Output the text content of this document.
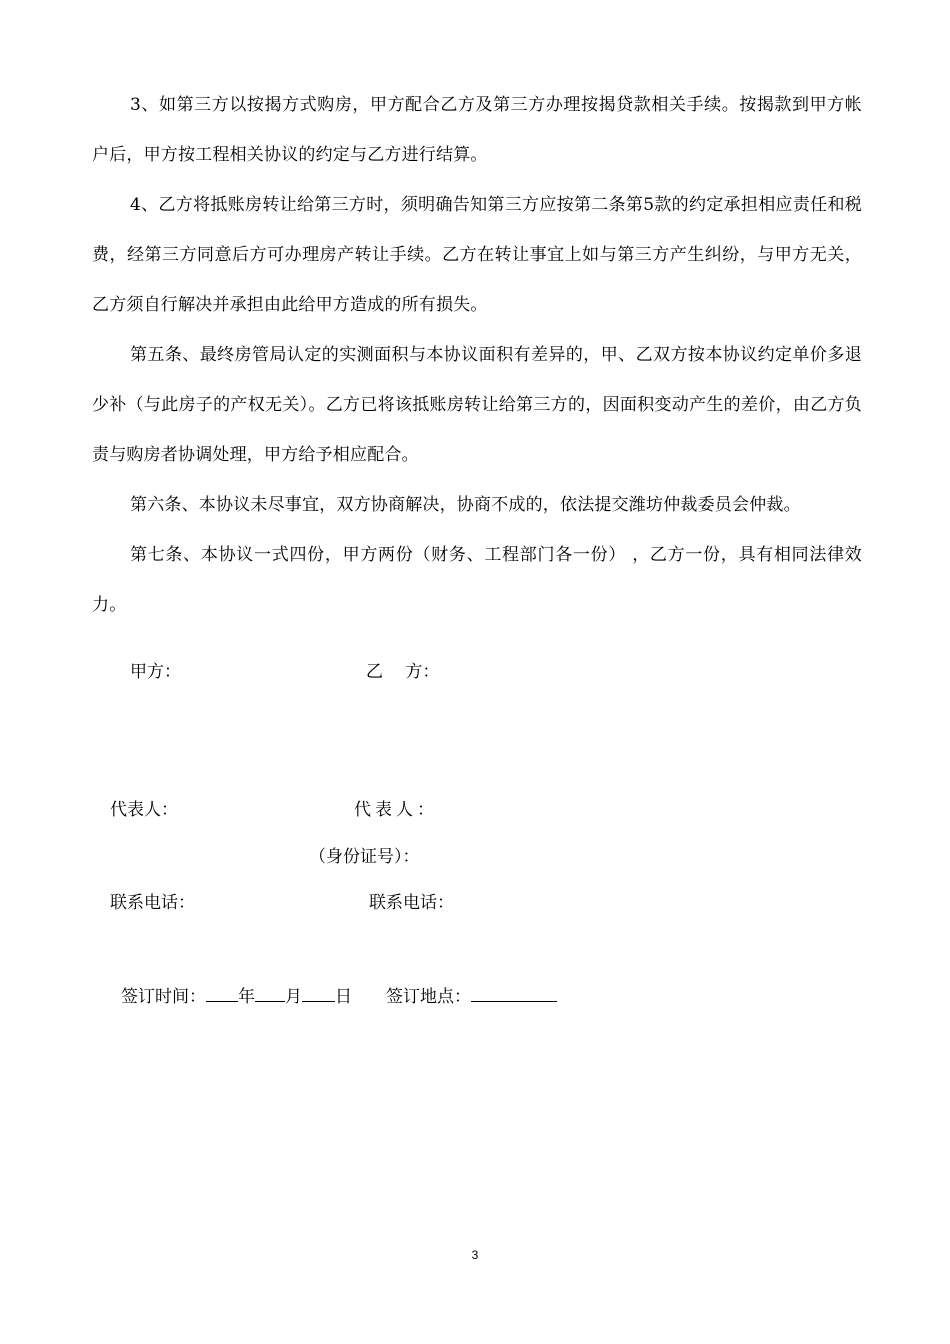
3、如第三方以按揭方式购房，甲方配合乙方及第三方办理按揭贷款相关手续。按揭款到甲方帐户后，甲方按工程相关协议的约定与乙方进行结算。

4、乙方将抵账房转让给第三方时，须明确告知第三方应按第二条第5款的约定承担相应责任和税费，经第三方同意后方可办理房产转让手续。乙方在转让事宜上如与第三方产生纠纷，与甲方无关，乙方须自行解决并承担由此给甲方造成的所有损失。

第五条、最终房管局认定的实测面积与本协议面积有差异的，甲、乙双方按本协议约定单价多退少补（与此房子的产权无关）。乙方已将该抵账房转让给第三方的，因面积变动产生的差价，由乙方负责与购房者协调处理，甲方给予相应配合。

第六条、本协议未尽事宜，双方协商解决，协商不成的，依法提交潍坊仲裁委员会仲裁。

第七条、本协议一式四份，甲方两份（财务、工程部门各一份） ，乙方一份，具有相同法律效力。

甲方：	乙　 方：
代表人：	代表人：
（身份证号）：
联系电话：	联系电话：
签订时间： 年 月 日 签订地点：
3
